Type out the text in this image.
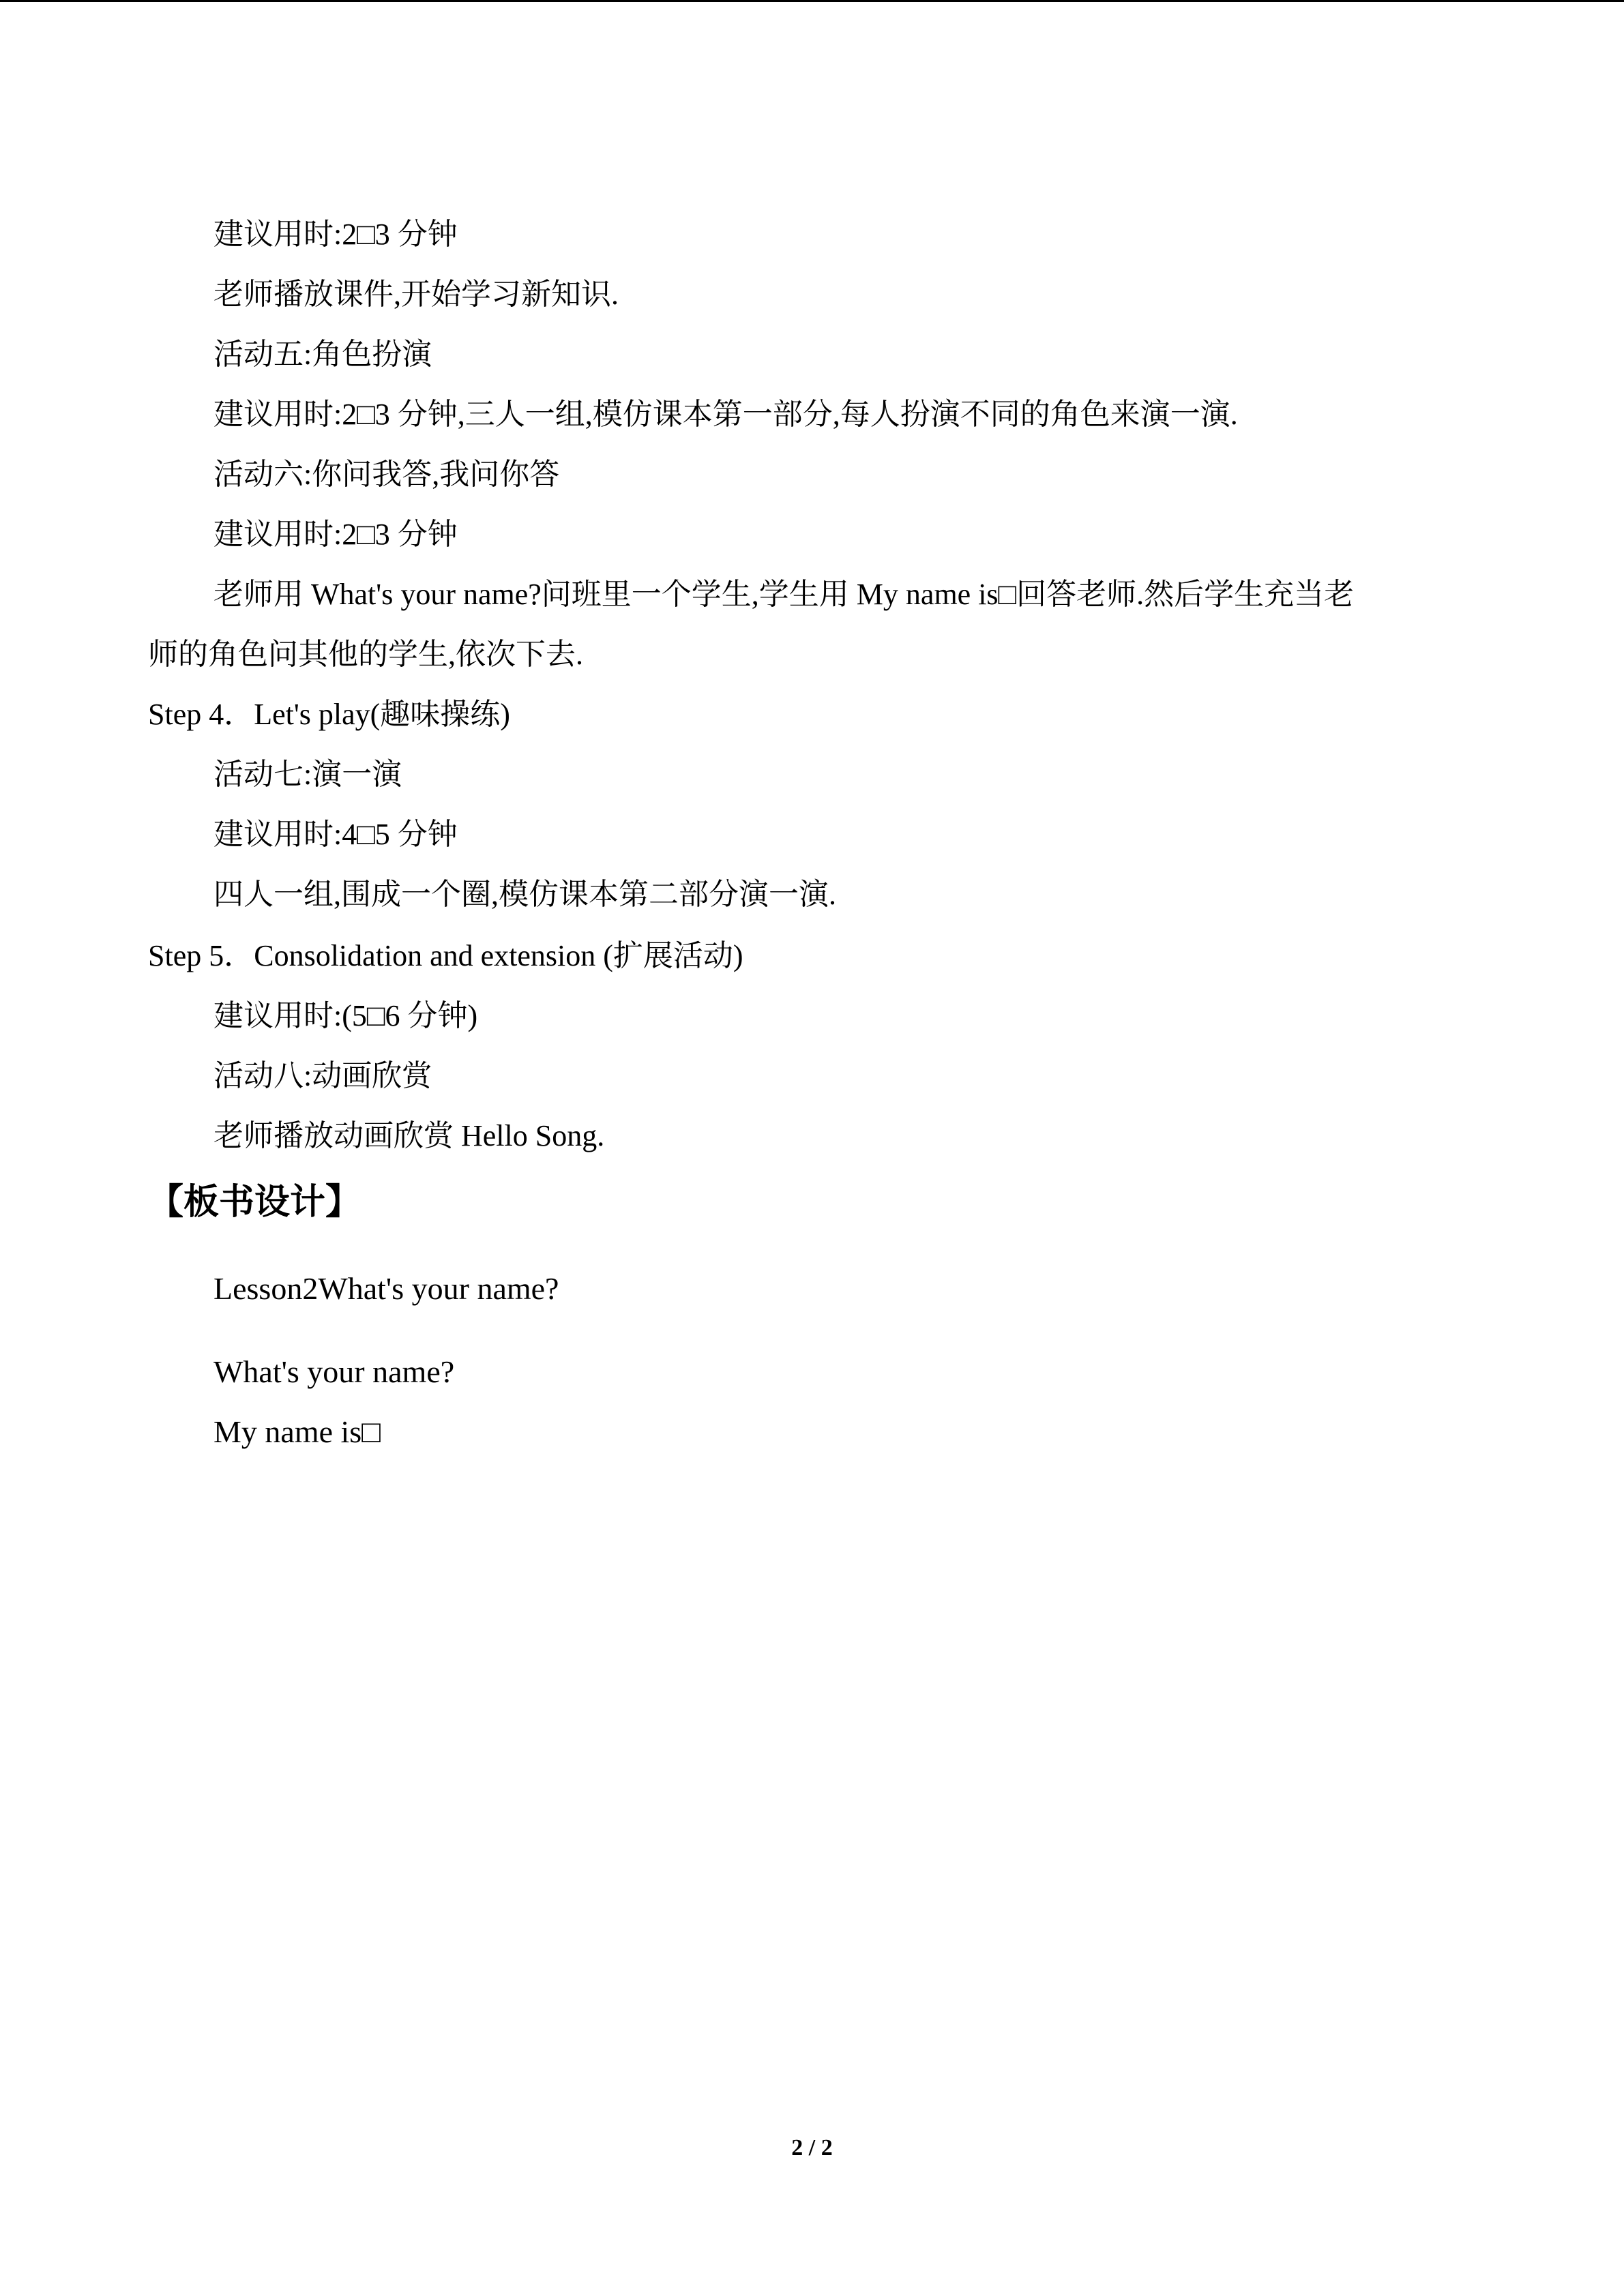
建议用时:2□3 分钟
老师播放课件,开始学习新知识.
活动五:角色扮演
建议用时:2□3 分钟,三人一组,模仿课本第一部分,每人扮演不同的角色来演一演.
活动六:你问我答,我问你答
建议用时:2□3 分钟
老师用 What's your name?问班里一个学生,学生用 My name is□回答老师.然后学生充当老
师的角色问其他的学生,依次下去.
Step 4．Let's play(趣味操练)
活动七:演一演
建议用时:4□5 分钟
四人一组,围成一个圈,模仿课本第二部分演一演.
Step 5．Consolidation and extension (扩展活动)
建议用时:(5□6 分钟)
活动八:动画欣赏
老师播放动画欣赏 Hello Song.
【板书设计】
Lesson2What's your name?
What's your name?
My name is□
2 / 2
